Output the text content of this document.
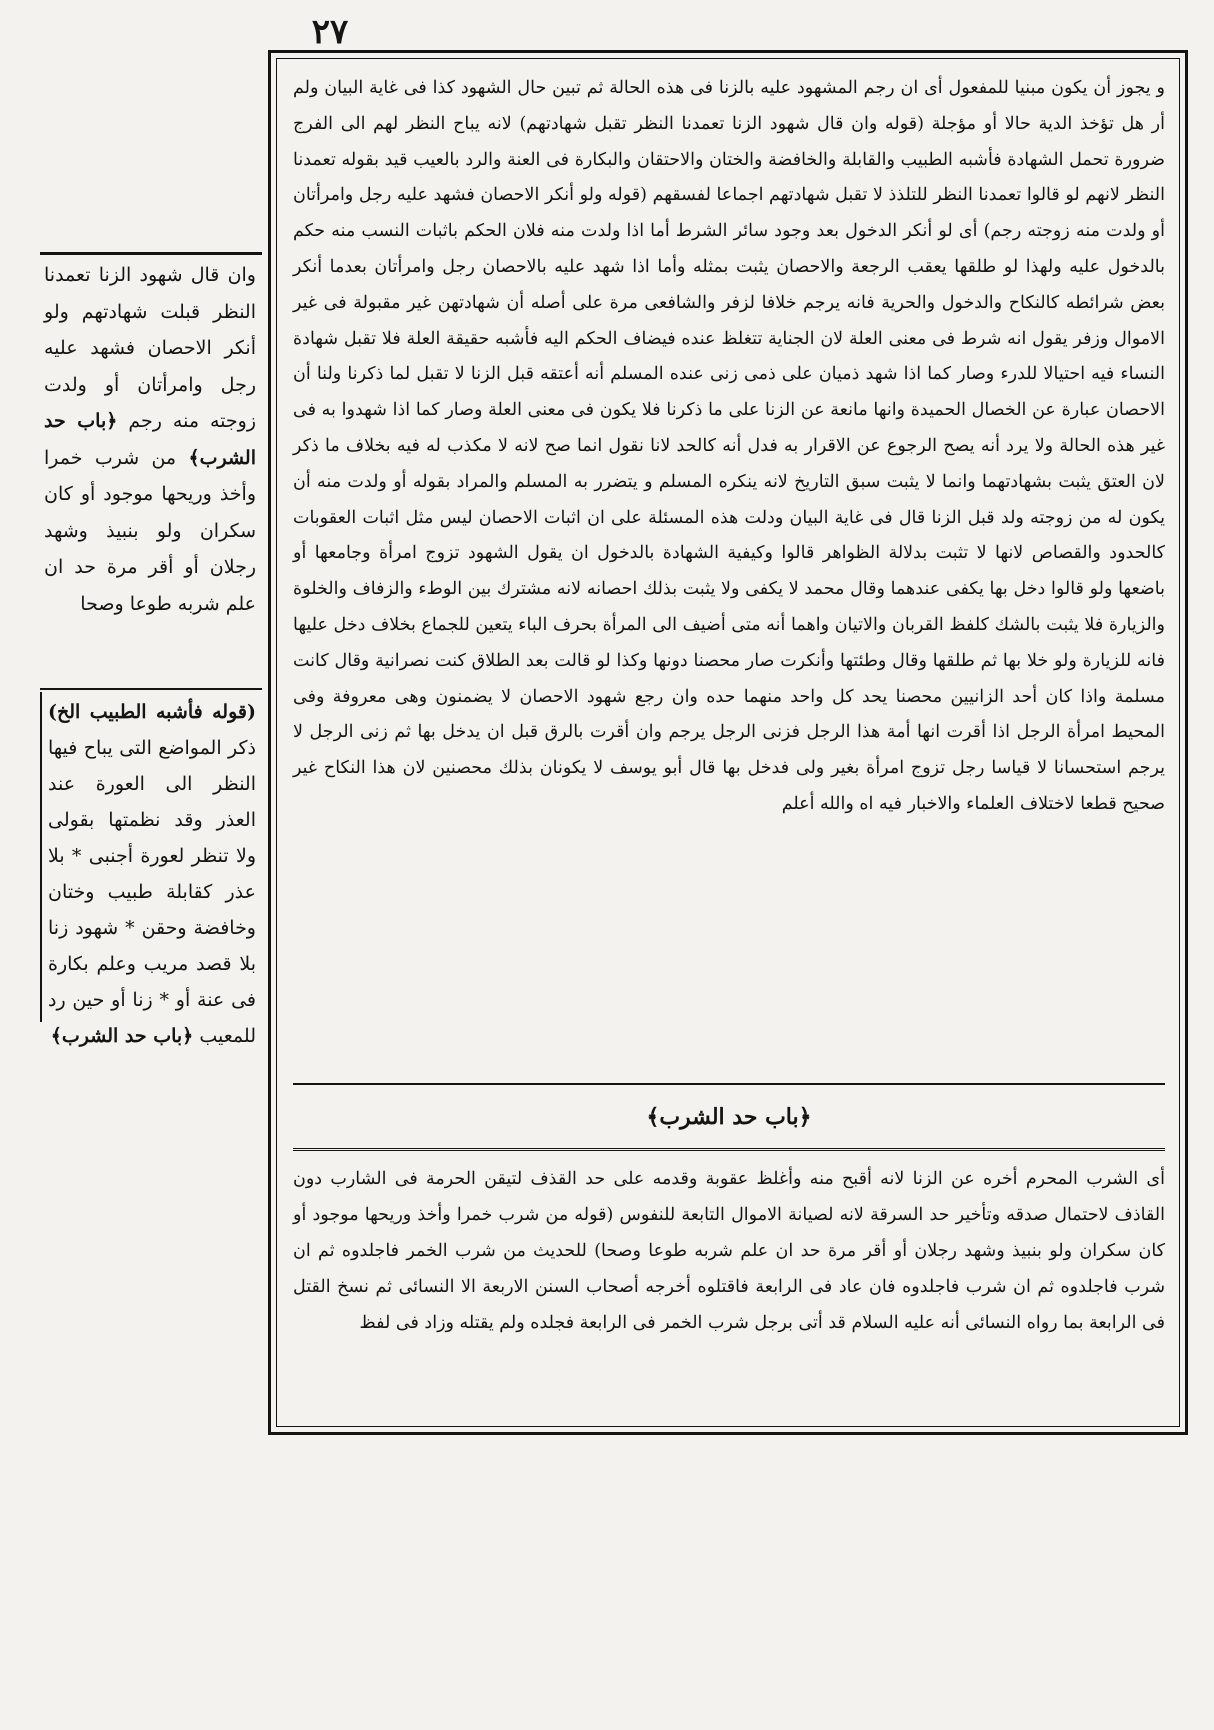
٢٧
وان قال شهود الزنا تعمدنا النظر قبلت شهادتهم ولو أنكر الاحصان فشهد عليه رجل وامرأتان أو ولدت زوجته منه رجم ﴿باب حد الشرب﴾ من شرب خمرا وأخذ وريحها موجود أو كان سكران ولو بنبيذ وشهد رجلان أو أقر مرة حد ان علم شربه طوعا وصحا
(قوله فأشبه الطبيب الخ) ذكر المواضع التى يباح فيها النظر الى العورة عند العذر وقد نظمتها بقولى ولا تنظر لعورة أجنبى * بلا عذر كقابلة طبيب وختان وخافضة وحقن * شهود زنا بلا قصد مريب وعلم بكارة فى عنة أو * زنا أو حين رد للمعيب ﴿باب حد الشرب﴾
و يجوز أن يكون مبنيا للمفعول أى ان رجم المشهود عليه بالزنا فى هذه الحالة ثم تبين حال الشهود كذا فى غاية البيان ولم أر هل تؤخذ الدية حالا أو مؤجلة (قوله وان قال شهود الزنا تعمدنا النظر تقبل شهادتهم) لانه يباح النظر لهم الى الفرج ضرورة تحمل الشهادة فأشبه الطبيب والقابلة والخافضة والختان والاحتقان والبكارة فى العنة والرد بالعيب قيد بقوله تعمدنا النظر لانهم لو قالوا تعمدنا النظر للتلذذ لا تقبل شهادتهم اجماعا لفسقهم (قوله ولو أنكر الاحصان فشهد عليه رجل وامرأتان أو ولدت منه زوجته رجم) أى لو أنكر الدخول بعد وجود سائر الشرط أما اذا ولدت منه فلان الحكم باثبات النسب منه حكم بالدخول عليه ولهذا لو طلقها يعقب الرجعة والاحصان يثبت بمثله وأما اذا شهد عليه بالاحصان رجل وامرأتان بعدما أنكر بعض شرائطه كالنكاح والدخول والحرية فانه يرجم خلافا لزفر والشافعى مرة على أصله أن شهادتهن غير مقبولة فى غير الاموال وزفر يقول انه شرط فى معنى العلة لان الجناية تتغلظ عنده فيضاف الحكم اليه فأشبه حقيقة العلة فلا تقبل شهادة النساء فيه احتيالا للدرء وصار كما اذا شهد ذميان على ذمى زنى عنده المسلم أنه أعتقه قبل الزنا لا تقبل لما ذكرنا ولنا أن الاحصان عبارة عن الخصال الحميدة وانها مانعة عن الزنا على ما ذكرنا فلا يكون فى معنى العلة وصار كما اذا شهدوا به فى غير هذه الحالة ولا يرد أنه يصح الرجوع عن الاقرار به فدل أنه كالحد لانا نقول انما صح لانه لا مكذب له فيه بخلاف ما ذكر لان العتق يثبت بشهادتهما وانما لا يثبت سبق التاريخ لانه ينكره المسلم و يتضرر به المسلم والمراد بقوله أو ولدت منه أن يكون له من زوجته ولد قبل الزنا قال فى غاية البيان ودلت هذه المسئلة على ان اثبات الاحصان ليس مثل اثبات العقوبات كالحدود والقصاص لانها لا تثبت بدلالة الظواهر قالوا وكيفية الشهادة بالدخول ان يقول الشهود تزوج امرأة وجامعها أو باضعها ولو قالوا دخل بها يكفى عندهما وقال محمد لا يكفى ولا يثبت بذلك احصانه لانه مشترك بين الوطء والزفاف والخلوة والزيارة فلا يثبت بالشك كلفظ القربان والاتيان واهما أنه متى أضيف الى المرأة بحرف الباء يتعين للجماع بخلاف دخل عليها فانه للزيارة ولو خلا بها ثم طلقها وقال وطئتها وأنكرت صار محصنا دونها وكذا لو قالت بعد الطلاق كنت نصرانية وقال كانت مسلمة واذا كان أحد الزانيين محصنا يحد كل واحد منهما حده وان رجع شهود الاحصان لا يضمنون وهى معروفة وفى المحيط امرأة الرجل اذا أقرت انها أمة هذا الرجل فزنى الرجل يرجم وان أقرت بالرق قبل ان يدخل بها ثم زنى الرجل لا يرجم استحسانا لا قياسا رجل تزوج امرأة بغير ولى فدخل بها قال أبو يوسف لا يكونان بذلك محصنين لان هذا النكاح غير صحيح قطعا لاختلاف العلماء والاخبار فيه اه والله أعلم
﴿باب حد الشرب﴾
أى الشرب المحرم أخره عن الزنا لانه أقبح منه وأغلظ عقوبة وقدمه على حد القذف لتيقن الحرمة فى الشارب دون القاذف لاحتمال صدقه وتأخير حد السرقة لانه لصيانة الاموال التابعة للنفوس (قوله من شرب خمرا وأخذ وريحها موجود أو كان سكران ولو بنبيذ وشهد رجلان أو أقر مرة حد ان علم شربه طوعا وصحا) للحديث من شرب الخمر فاجلدوه ثم ان شرب فاجلدوه ثم ان شرب فاجلدوه فان عاد فى الرابعة فاقتلوه أخرجه أصحاب السنن الاربعة الا النسائى ثم نسخ القتل فى الرابعة بما رواه النسائى أنه عليه السلام قد أتى برجل شرب الخمر فى الرابعة فجلده ولم يقتله وزاد فى لفظ
